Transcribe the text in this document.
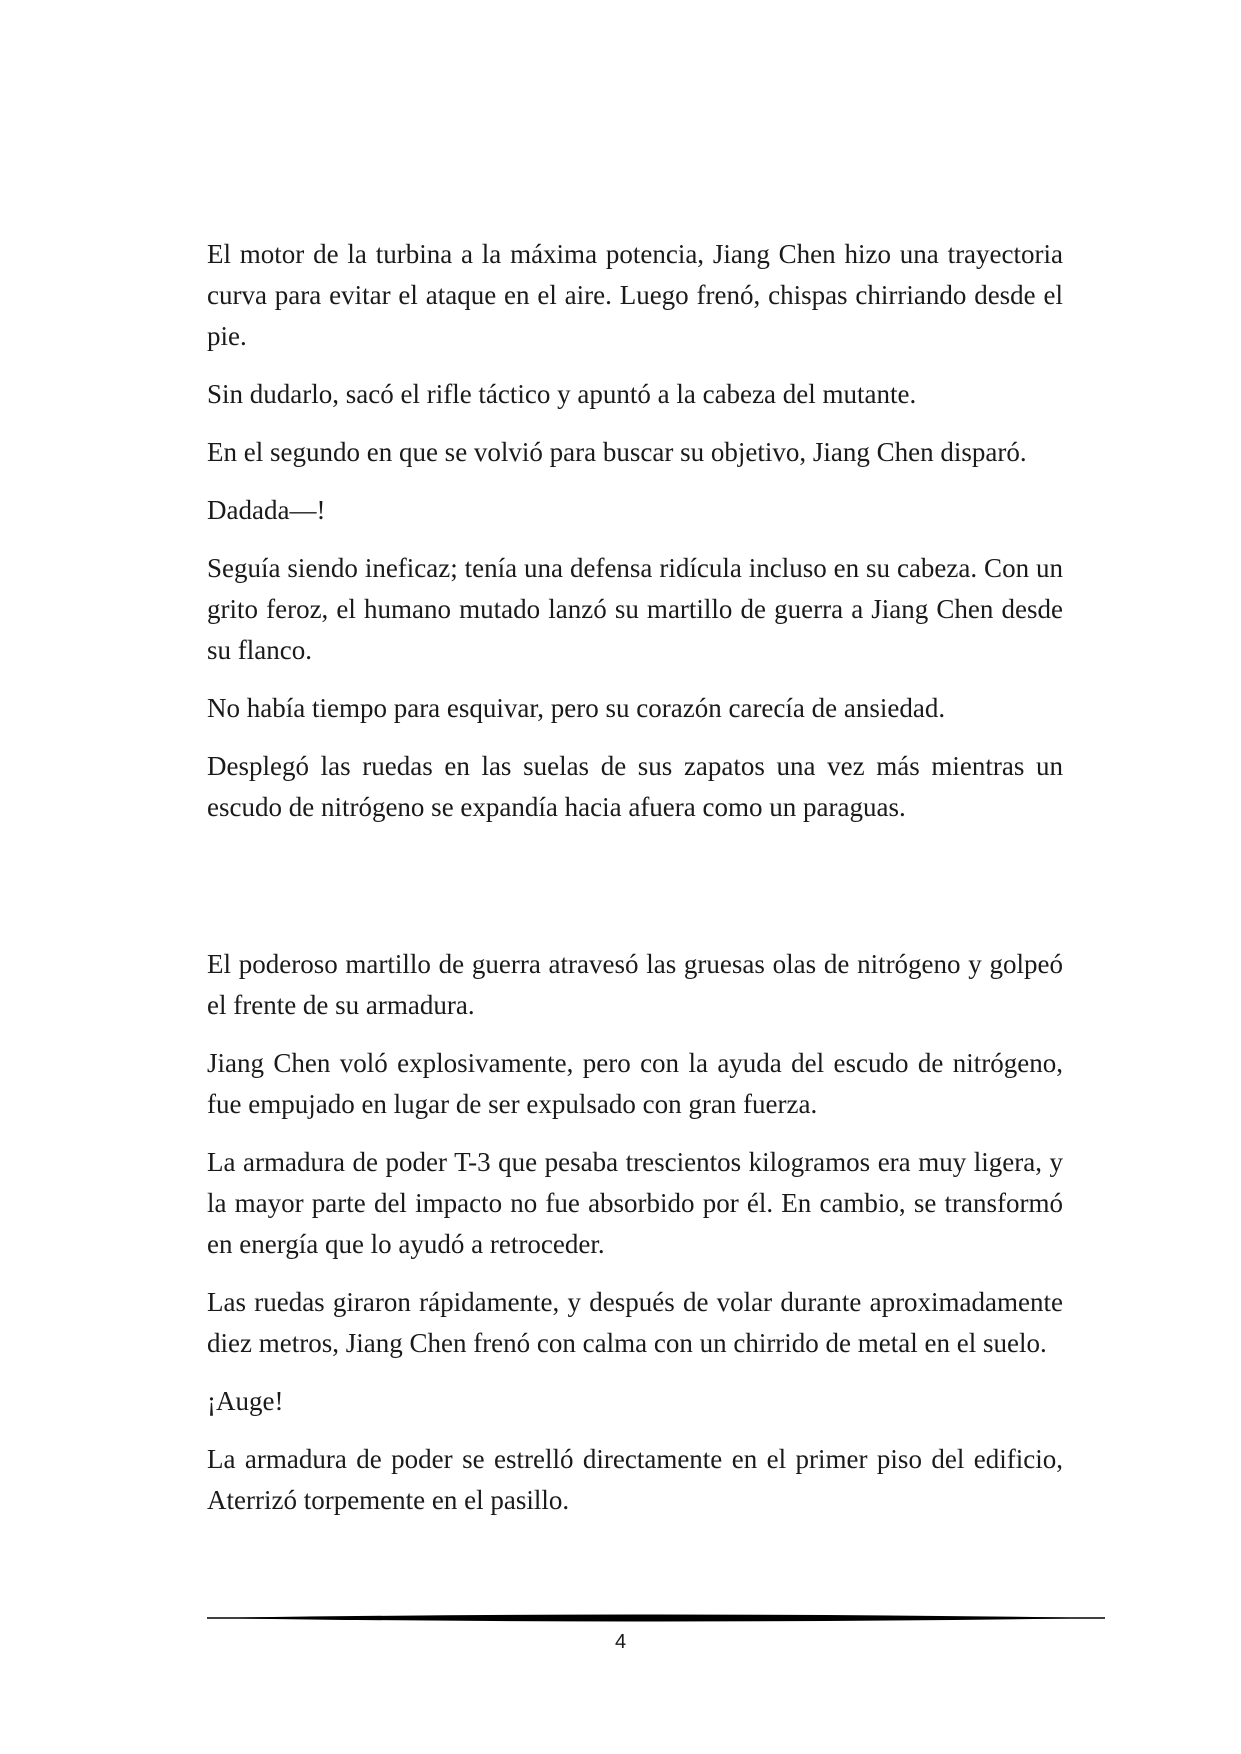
El motor de la turbina a la máxima potencia, Jiang Chen hizo una trayectoria curva para evitar el ataque en el aire. Luego frenó, chispas chirriando desde el pie.

Sin dudarlo, sacó el rifle táctico y apuntó a la cabeza del mutante.

En el segundo en que se volvió para buscar su objetivo, Jiang Chen disparó.

Dadada—!

Seguía siendo ineficaz; tenía una defensa ridícula incluso en su cabeza. Con un grito feroz, el humano mutado lanzó su martillo de guerra a Jiang Chen desde su flanco.

No había tiempo para esquivar, pero su corazón carecía de ansiedad.

Desplegó las ruedas en las suelas de sus zapatos una vez más mientras un escudo de nitrógeno se expandía hacia afuera como un paraguas.

El poderoso martillo de guerra atravesó las gruesas olas de nitrógeno y golpeó el frente de su armadura.

Jiang Chen voló explosivamente, pero con la ayuda del escudo de nitrógeno, fue empujado en lugar de ser expulsado con gran fuerza.

La armadura de poder T-3 que pesaba trescientos kilogramos era muy ligera, y la mayor parte del impacto no fue absorbido por él. En cambio, se transformó en energía que lo ayudó a retroceder.

Las ruedas giraron rápidamente, y después de volar durante aproximadamente diez metros, Jiang Chen frenó con calma con un chirrido de metal en el suelo.

¡Auge!

La armadura de poder se estrelló directamente en el primer piso del edificio, Aterrizó torpemente en el pasillo.

4
